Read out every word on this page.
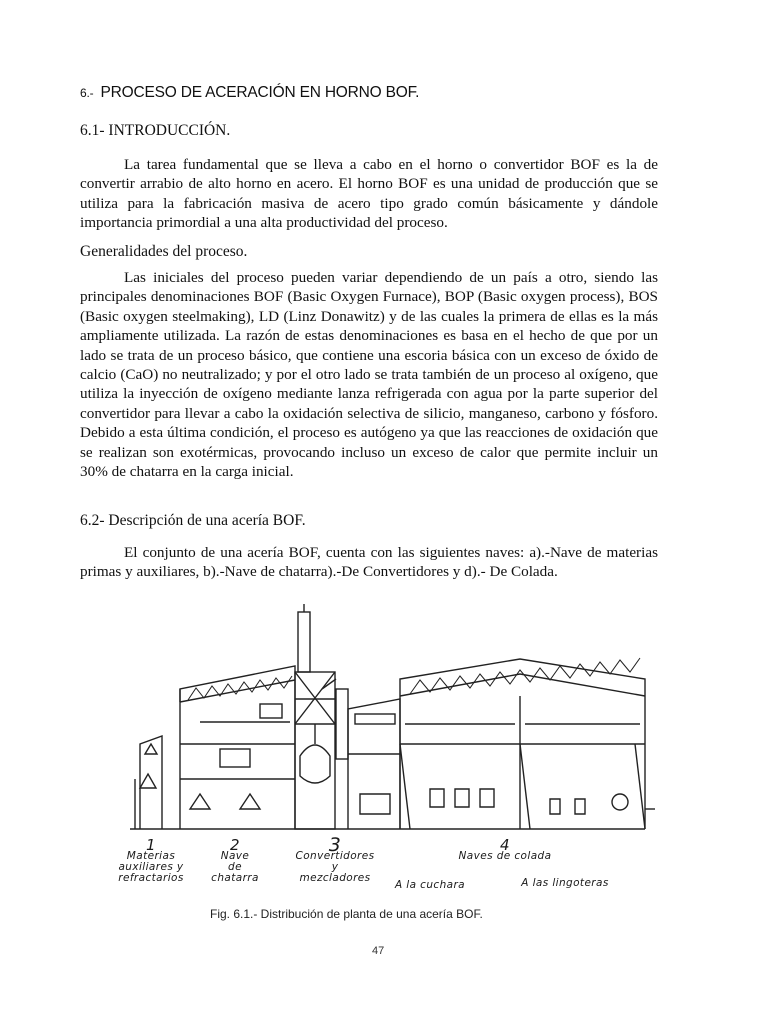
6.- PROCESO DE ACERACIÓN EN HORNO BOF.
6.1- INTRODUCCIÓN.

La tarea fundamental que se lleva a cabo en el horno o convertidor BOF es la de convertir arrabio de alto horno en acero. El horno BOF es una unidad de producción que se utiliza para la fabricación masiva de acero tipo grado común básicamente y dándole importancia primordial a una alta productividad del proceso.

Generalidades del proceso.

Las iniciales del proceso pueden variar dependiendo de un país a otro, siendo las principales denominaciones BOF (Basic Oxygen Furnace), BOP (Basic oxygen process), BOS (Basic oxygen steelmaking), LD (Linz Donawitz) y de las cuales la primera de ellas es la más ampliamente utilizada. La razón de estas denominaciones es basa en el hecho de que por un lado se trata de un proceso básico, que contiene una escoria básica con un exceso de óxido de calcio (CaO) no neutralizado; y por el otro lado se trata también de un proceso al oxígeno, que utiliza la inyección de oxígeno mediante lanza refrigerada con agua por la parte superior del convertidor para llevar a cabo la oxidación selectiva de silicio, manganeso, carbono y fósforo. Debido a esta última condición, el proceso es autógeno ya que las reacciones de oxidación que se realizan son exotérmicas, provocando incluso un exceso de calor que permite incluir un 30% de chatarra en la carga inicial.

6.2- Descripción de una acería BOF.

El conjunto de una acería BOF, cuenta con las siguientes naves: a).-Nave de materias primas y auxiliares, b).-Nave de chatarra).-De Convertidores y d).- De Colada.

1
Materias
auxiliares y
refractarios
2
Nave
de
chatarra
3
Convertidores
y
mezcladores
4
Naves de colada
A la cuchara	A las lingoteras
Fig. 6.1.- Distribución de planta de una acería BOF.
47
